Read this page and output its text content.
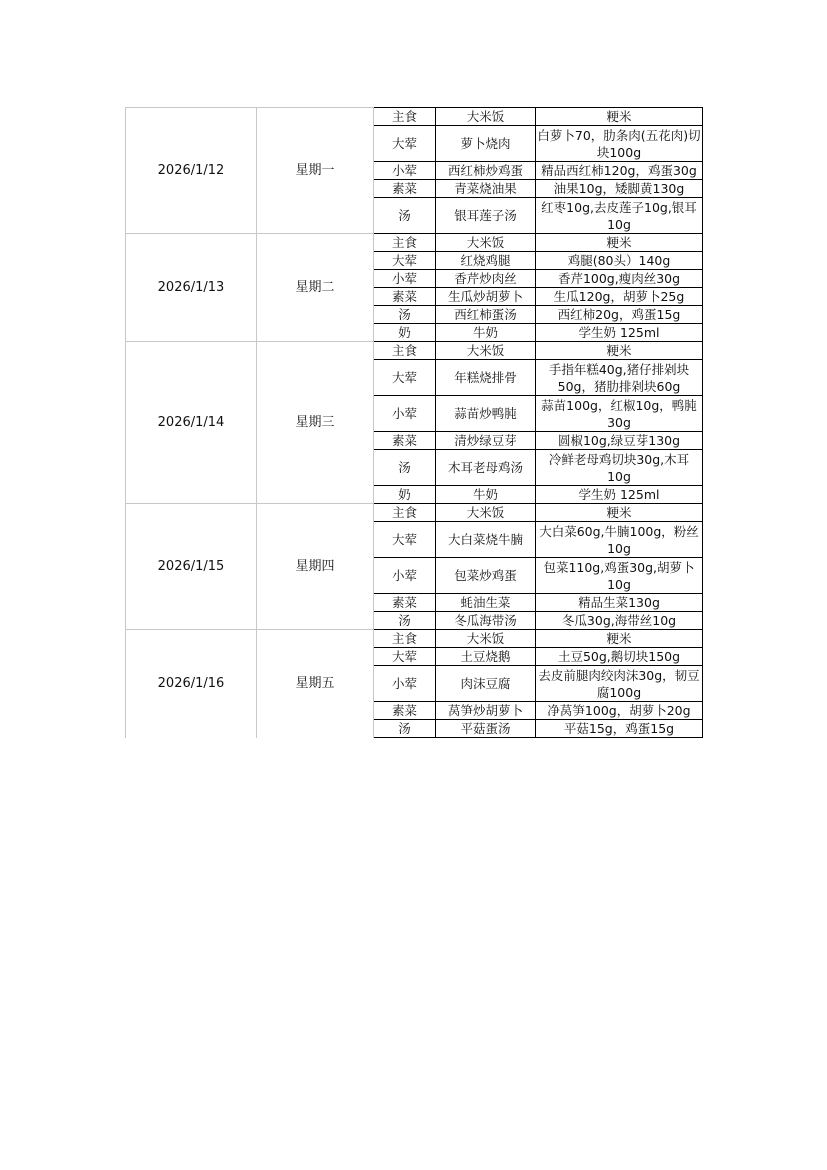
2026/1/12	星期一	主食	大米饭	粳米
		大荤	萝卜烧肉	白萝卜70，肋条肉(五花肉)切块100g
		小荤	西红柿炒鸡蛋	精品西红柿120g，鸡蛋30g
		素菜	青菜烧油果	油果10g，矮脚黄130g
		汤	银耳莲子汤	红枣10g,去皮莲子10g,银耳10g
2026/1/13	星期二	主食	大米饭	粳米
		大荤	红烧鸡腿	鸡腿(80头）140g
		小荤	香芹炒肉丝	香芹100g,瘦肉丝30g
		素菜	生瓜炒胡萝卜	生瓜120g，胡萝卜25g
		汤	西红柿蛋汤	西红柿20g，鸡蛋15g
		奶	牛奶	学生奶 125ml
2026/1/14	星期三	主食	大米饭	粳米
		大荤	年糕烧排骨	手指年糕40g,猪仔排剁块50g，猪肋排剁块60g
		小荤	蒜苗炒鸭肫	蒜苗100g，红椒10g，鸭肫30g
		素菜	清炒绿豆芽	圆椒10g,绿豆芽130g
		汤	木耳老母鸡汤	冷鲜老母鸡切块30g,木耳10g
		奶	牛奶	学生奶 125ml
2026/1/15	星期四	主食	大米饭	粳米
		大荤	大白菜烧牛腩	大白菜60g,牛腩100g，粉丝10g
		小荤	包菜炒鸡蛋	包菜110g,鸡蛋30g,胡萝卜10g
		素菜	蚝油生菜	精品生菜130g
		汤	冬瓜海带汤	冬瓜30g,海带丝10g
2026/1/16	星期五	主食	大米饭	粳米
		大荤	土豆烧鹅	土豆50g,鹅切块150g
		小荤	肉沫豆腐	去皮前腿肉绞肉沫30g，韧豆腐100g
		素菜	莴笋炒胡萝卜	净莴笋100g，胡萝卜20g
		汤	平菇蛋汤	平菇15g，鸡蛋15g
